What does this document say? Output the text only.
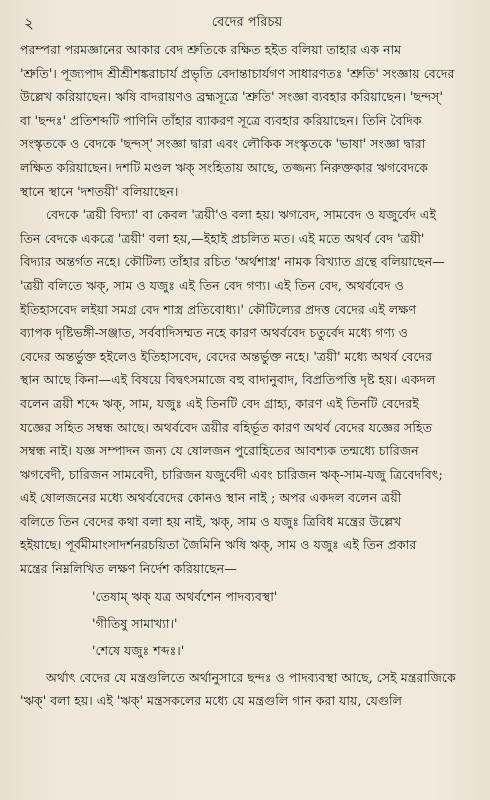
২	বেদের পরিচয়

পরম্পরা পরমজ্ঞানের আকার বেদ শ্রুতিকে রক্ষিত হইত বলিয়া তাহার এক নাম
'শ্রুতি'। পূজ্যপাদ শ্রীশ্রীশঙ্করাচার্য প্রভৃতি বেদান্তাচার্যগণ সাধারণতঃ 'শ্রুতি' সংজ্ঞায় বেদের
উল্লেখ করিয়াছেন। ঋষি বাদরায়ণও ব্রহ্মসূত্রে 'শ্রুতি' সংজ্ঞা ব্যবহার করিয়াছেন। 'ছন্দস্'
বা 'ছন্দঃ' প্রতিশব্দটি পাণিনি তাঁহার ব্যাকরণ সূত্রে ব্যবহার করিয়াছেন। তিনি বৈদিক
সংস্কৃতকে ও বেদকে 'ছন্দস্' সংজ্ঞা দ্বারা এবং লৌকিক সংস্কৃতকে 'ভাষা' সংজ্ঞা দ্বারা
লক্ষিত করিয়াছেন। দশটি মণ্ডল ঋক্ সংহিতায় আছে, তজ্জন্য নিরুক্তকার ঋগবেদকে
স্থানে স্থানে 'দশতয়ী' বলিয়াছেন।

বেদকে 'ত্রয়ী বিদ্যা' বা কেবল 'ত্রয়ী'ও বলা হয়। ঋগবেদ, সামবেদ ও যজুর্বেদ এই
তিন বেদকে একত্রে 'ত্রয়ী' বলা হয়,—ইহাই প্রচলিত মত। এই মতে অথর্ব বেদ 'ত্রয়ী'
বিদ্যার অন্তর্গত নহে। কৌটিল্য তাঁহার রচিত 'অর্থশাস্ত্র' নামক বিখ্যাত গ্রন্থে বলিয়াছেন—
'ত্রয়ী বলিতে ঋক্, সাম ও যজুঃ এই তিন বেদ গণ্য। এই তিন বেদ, অথর্ববেদ ও
ইতিহাসবেদ লইয়া সমগ্র বেদ শাস্ত্র প্রতিবোধ্য।' কৌটিল্যের প্রদত্ত বেদের এই লক্ষণ
ব্যাপক দৃষ্টিভঙ্গী-সঞ্জাত, সর্ববাদিসম্মত নহে কারণ অথর্ববেদ চতুর্বেদ মধ্যে গণ্য ও
বেদের অন্তর্ভুক্ত হইলেও ইতিহাসবেদ, বেদের অন্তর্ভুক্ত নহে। 'ত্রয়ী' মধ্যে অথর্ব বেদের
স্থান আছে কিনা—এই বিষয়ে বিদ্বৎসমাজে বহু বাদানুবাদ, বিপ্রতিপত্তি দৃষ্ট হয়। একদল
বলেন ত্রয়ী শব্দে ঋক্, সাম, যজুঃ এই তিনটি বেদ গ্রাহ্য, কারণ এই তিনটি বেদেরই
যজ্ঞের সহিত সম্বন্ধ আছে। অথর্ববেদ ত্রয়ীর বহির্ভূত কারণ অথর্ব বেদের যজ্ঞের সহিত
সম্বন্ধ নাই। যজ্ঞ সম্পাদন জন্য যে ষোলজন পুরোহিতের আবশ্যক তন্মধ্যে চারিজন
ঋগবেদী, চারিজন সামবেদী, চারিজন যজুর্বেদী এবং চারিজন ঋক্-সাম-যজু ত্রিবেদবিৎ;
এই ষোলজনের মধ্যে অথর্ববেদের কোনও স্থান নাই ; অপর একদল বলেন ত্রয়ী
বলিতে তিন বেদের কথা বলা হয় নাই, ঋক্, সাম ও যজুঃ ত্রিবিধ মন্ত্রের উল্লেখ
হইয়াছে। পূর্বমীমাংসাদর্শনরচয়িতা জৈমিনি ঋষি ঋক্, সাম ও যজুঃ এই তিন প্রকার
মন্ত্রের নিম্নলিখিত লক্ষণ নির্দেশ করিয়াছেন—

'তেষাম্ ঋক্ যত্র অথর্বশেন পাদব্যবস্থা'
'গীতিষু সামাখ্যা।'
'শেষে যজুঃ শব্দঃ।'

অর্থাৎ বেদের যে মন্ত্রগুলিতে অর্থানুসারে ছন্দঃ ও পাদব্যবস্থা আছে, সেই মন্ত্ররাজিকে
'ঋক্' বলা হয়। এই 'ঋক্' মন্ত্রসকলের মধ্যে যে মন্ত্রগুলি গান করা যায়, যেগুলি
